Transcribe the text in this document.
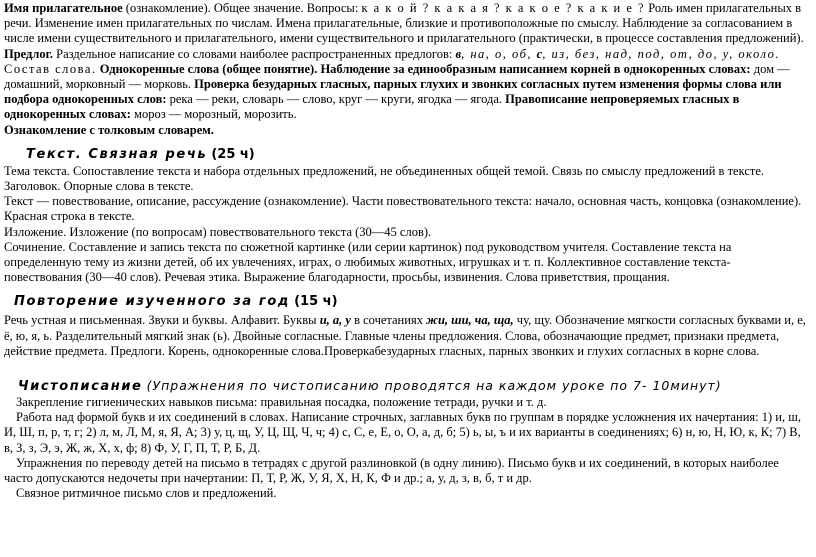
Имя прилагательное (ознакомление). Общее значение. Вопросы: к а к о й ? к а к а я ? к а к о е ? к а к и е ? Роль имен прилагательных в речи. Изменение имен прилагательных по числам. Имена прилагательные, близкие и противоположные по смыслу. Наблюдение за согласованием в числе имени существительного и прилагательного, имени существительного и прилагательного (практически, в процессе составления предложений).

Предлог. Раздельное написание со словами наиболее распространенных предлогов: в, на, о, об, с, из, без, над, под, от, до, у, около.

Состав слова. Однокоренные слова (общее понятие). Наблюдение за единообразным написанием корней в однокоренных словах: дом — домашний, морковный — морковь. Проверка безударных гласных, парных глухих и звонких согласных путем изменения формы слова или подбора однокоренных слов: река — реки, словарь — слово, круг — круги, ягодка — ягода. Правописание непроверяемых гласных в однокоренных словах: мороз — морозный, морозить.

Ознакомление с толковым словарем.

Текст. Связная речь (25 ч)

Тема текста. Сопоставление текста и набора отдельных предложений, не объединенных общей темой. Связь по смыслу предложений в тексте. Заголовок. Опорные слова в тексте.

Текст — повествование, описание, рассуждение (ознакомление). Части повествовательного текста: начало, основная часть, концовка (ознакомление). Красная строка в тексте.

Изложение. Изложение (по вопросам) повествовательного текста (30—45 слов).

Сочинение. Составление и запись текста по сюжетной картинке (или серии картинок) под руководством учителя. Составление текста на определенную тему из жизни детей, об их увлечениях, играх, о любимых животных, игрушках и т. п. Коллективное составление текста-повествования (30—40 слов). Речевая этика. Выражение благодарности, просьбы, извинения. Слова приветствия, прощания.

Повторение изученного за год (15 ч)

Речь устная и письменная. Звуки и буквы. Алфавит. Буквы и, а, у в сочетаниях жи, ши, ча, ща, чу, щу. Обозначение мягкости согласных буквами и, е, ё, ю, я, ь. Разделительный мягкий знак (ь). Двойные согласные. Главные члены предложения. Слова, обозначающие предмет, признаки предмета, действие предмета. Предлоги. Корень, однокоренные слова.Проверкабезударных гласных, парных звонких и глухих согласных в корне слова.

Чистописание (Упражнения по чистописанию проводятся на каждом уроке по 7- 10минут)

Закрепление гигиенических навыков письма: правильная посадка, положение тетради, ручки и т. д.

Работа над формой букв и их соединений в словах. Написание строчных, заглавных букв по группам в порядке усложнения их начертания: 1) и, ш, И, Ш, п, р, т, г; 2) л, м, Л, М, я, Я, А; 3) у, ц, щ, У, Ц, Щ, Ч, ч; 4) с, С, е, Е, о, О, а, д, б; 5) ь, ы, ъ и их варианты в соединениях; 6) н, ю, Н, Ю, к, К; 7) В, в, З, з, Э, э, Ж, ж, Х, х, ф; 8) Ф, У, Г, П, Т, Р, Б, Д.

Упражнения по переводу детей на письмо в тетрадях с другой разлиновкой (в одну линию). Письмо букв и их соединений, в которых наиболее часто допускаются недочеты при начертании: П, Т, Р, Ж, У, Я, Х, Н, К, Ф и др.; а, у, д, з, в, б, т и др.

Связное ритмичное письмо слов и предложений.
